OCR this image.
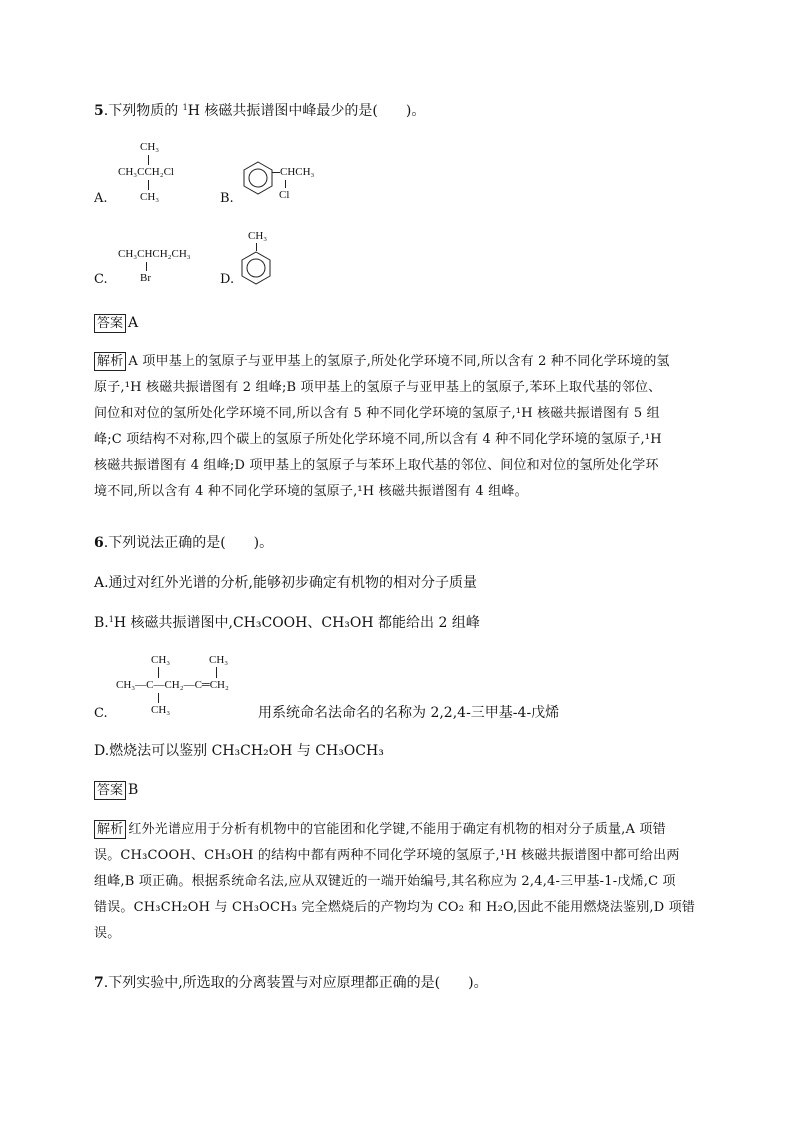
5.下列物质的 $^1$H 核磁共振谱图中峰最少的是(　　)。
A.
CH₃
CH₃CCH₂Cl
CH₃	B.
CHCH₃
Cl
C.
CH₃CHCH₂CH₃
Br	D.
CH₃
答案 A
解析 A 项甲基上的氢原子与亚甲基上的氢原子,所处化学环境不同,所以含有 2 种不同化学环境的氢
原子,¹H 核磁共振谱图有 2 组峰;B 项甲基上的氢原子与亚甲基上的氢原子,苯环上取代基的邻位、
间位和对位的氢所处化学环境不同,所以含有 5 种不同化学环境的氢原子,¹H 核磁共振谱图有 5 组
峰;C 项结构不对称,四个碳上的氢原子所处化学环境不同,所以含有 4 种不同化学环境的氢原子,¹H
核磁共振谱图有 4 组峰;D 项甲基上的氢原子与苯环上取代基的邻位、间位和对位的氢所处化学环
境不同,所以含有 4 种不同化学环境的氢原子,¹H 核磁共振谱图有 4 组峰。
6.下列说法正确的是(　　)。
A.通过对红外光谱的分析,能够初步确定有机物的相对分子质量
B.$^1$H 核磁共振谱图中,CH₃COOH、CH₃OH 都能给出 2 组峰
C.
CH₃	CH₃
CH₃—C—CH₂—C═CH₂
CH₃	用系统命名法命名的名称为 2,2,4-三甲基-4-戊烯
D.燃烧法可以鉴别 CH₃CH₂OH 与 CH₃OCH₃
答案 B
解析 红外光谱应用于分析有机物中的官能团和化学键,不能用于确定有机物的相对分子质量,A 项错
误。CH₃COOH、CH₃OH 的结构中都有两种不同化学环境的氢原子,¹H 核磁共振谱图中都可给出两
组峰,B 项正确。根据系统命名法,应从双键近的一端开始编号,其名称应为 2,4,4-三甲基-1-戊烯,C 项
错误。CH₃CH₂OH 与 CH₃OCH₃ 完全燃烧后的产物均为 CO₂ 和 H₂O,因此不能用燃烧法鉴别,D 项错
误。
7.下列实验中,所选取的分离装置与对应原理都正确的是(　　)。
